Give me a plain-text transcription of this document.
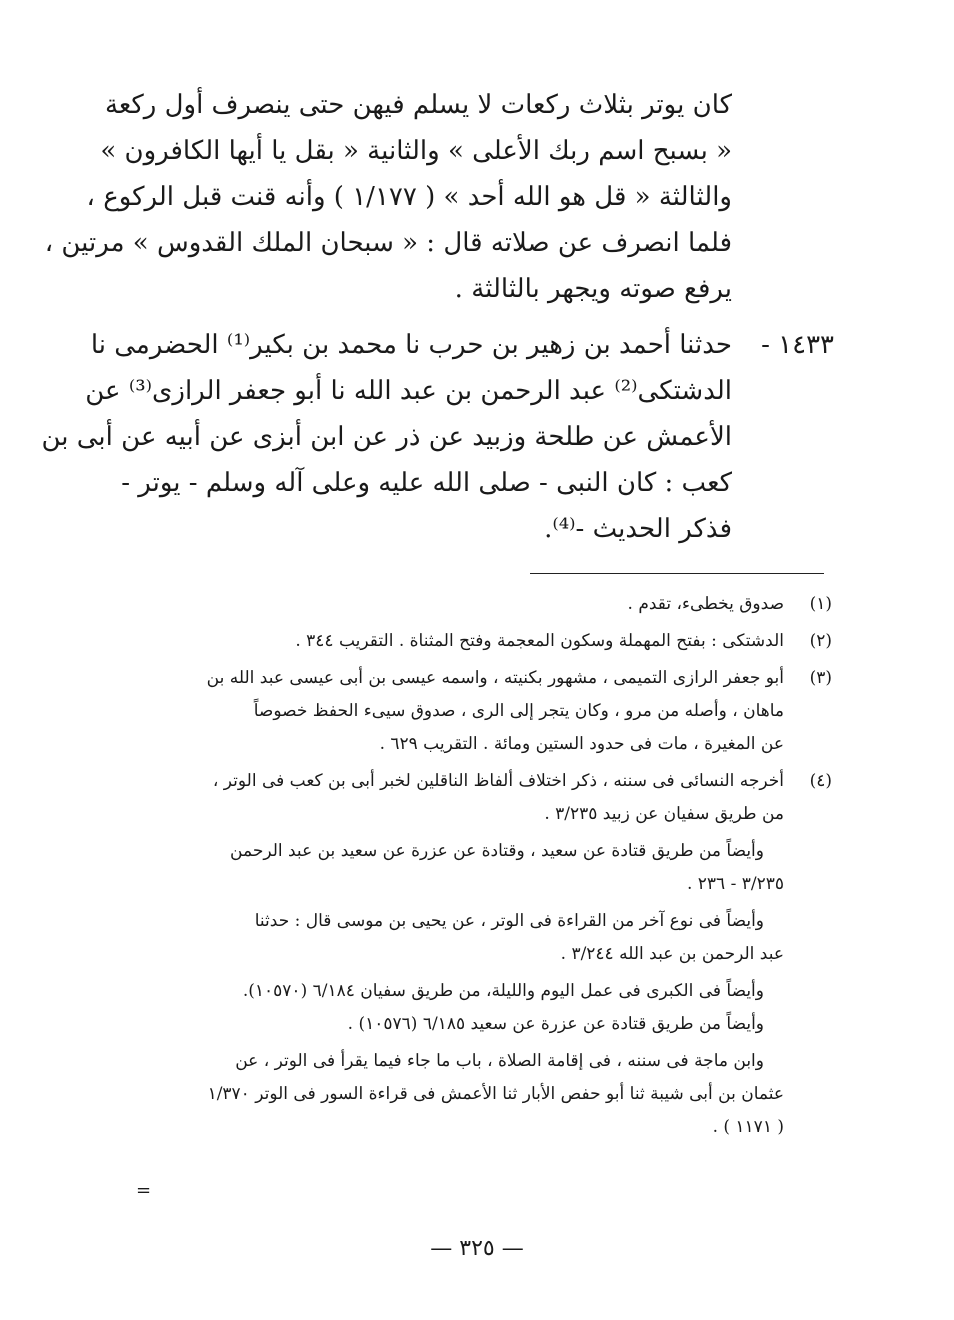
كان يوتر بثلاث ركعات لا يسلم فيهن حتى ينصرف أول ركعة
« بسبح اسم ربك الأعلى » والثانية « بقل يا أيها الكافرون »
والثالثة « قل هو الله أحد » ( ١/١٧٧ ) وأنه قنت قبل الركوع ،
فلما انصرف عن صلاته قال : « سبحان الملك القدوس » مرتين ،
يرفع صوته ويجهر بالثالثة .
١٤٣٣ -
حدثنا أحمد بن زهير بن حرب نا محمد بن بكير⁽¹⁾ الحضرمى نا
الدشتكى⁽²⁾ عبد الرحمن بن عبد الله نا أبو جعفر الرازى⁽³⁾ عن
الأعمش عن طلحة وزبيد عن ذر عن ابن أبزى عن أبيه عن أبى بن
كعب : كان النبى - صلى الله عليه وعلى آله وسلم - يوتر -
فذكر الحديث -⁽⁴⁾.
(١)
صدوق يخطىء، تقدم .
(٢)
الدشتكى : بفتح المهملة وسكون المعجمة وفتح المثناة . التقريب ٣٤٤ .
(٣)
أبو جعفر الرازى التميمى ، مشهور بكنيته ، واسمه عيسى بن أبى عيسى عبد الله بن
ماهان ، وأصله من مرو ، وكان يتجر إلى الرى ، صدوق سيىء الحفظ خصوصاً
عن المغيرة ، مات فى حدود الستين ومائة . التقريب ٦٢٩ .
(٤)
أخرجه النسائى فى سننه ، ذكر اختلاف ألفاظ الناقلين لخبر أبى بن كعب فى الوتر ،
من طريق سفيان عن زبيد ٣/٢٣٥ .
وأيضاً من طريق قتادة عن سعيد ، وقتادة عن عزرة عن سعيد بن عبد الرحمن
٣/٢٣٥ - ٢٣٦ .
وأيضاً فى نوع آخر من القراءة فى الوتر ، عن يحيى بن موسى قال : حدثنا
عبد الرحمن بن عبد الله ٣/٢٤٤ .
وأيضاً فى الكبرى فى عمل اليوم والليلة، من طريق سفيان ٦/١٨٤ (١٠٥٧٠).
وأيضاً من طريق قتادة عن عزرة عن سعيد ٦/١٨٥ (١٠٥٧٦) .
وابن ماجة فى سننه ، فى إقامة الصلاة ، باب ما جاء فيما يقرأ فى الوتر ، عن
عثمان بن أبى شيبة ثنا أبو حفص الأبار ثنا الأعمش فى قراءة السور فى الوتر ١/٣٧٠
( ١١٧١ ) .
=
— ٣٢٥ —
